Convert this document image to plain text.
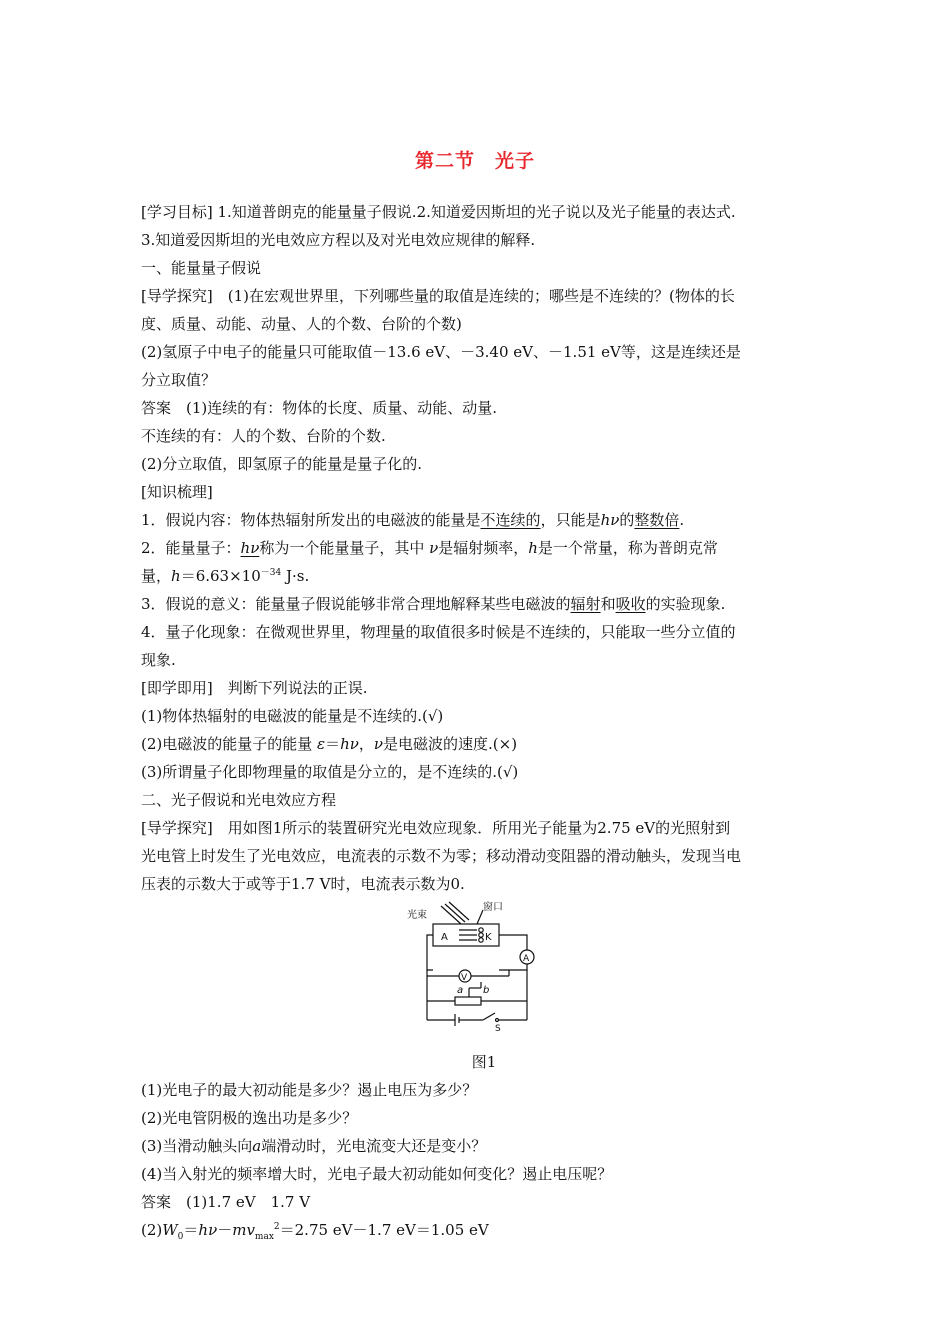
第二节　光子
[学习目标] 1.知道普朗克的能量量子假说.2.知道爱因斯坦的光子说以及光子能量的表达式.
3.知道爱因斯坦的光电效应方程以及对光电效应规律的解释.
一、能量量子假说
[导学探究]　(1)在宏观世界里，下列哪些量的取值是连续的；哪些是不连续的？(物体的长
度、质量、动能、动量、人的个数、台阶的个数)
(2)氢原子中电子的能量只可能取值－13.6 eV、－3.40 eV、－1.51 eV等，这是连续还是
分立取值？
答案　(1)连续的有：物体的长度、质量、动能、动量.
不连续的有：人的个数、台阶的个数.
(2)分立取值，即氢原子的能量是量子化的.
[知识梳理]
1．假说内容：物体热辐射所发出的电磁波的能量是不连续的，只能是hν的整数倍.
2．能量量子：hν称为一个能量量子，其中 ν是辐射频率，h是一个常量，称为普朗克常
量，$h=6.63\times 10^{-34}$ J·s.
3．假说的意义：能量量子假说能够非常合理地解释某些电磁波的辐射和吸收的实验现象.
4．量子化现象：在微观世界里，物理量的取值很多时候是不连续的，只能取一些分立值的
现象.
[即学即用]　判断下列说法的正误.
(1)物体热辐射的电磁波的能量是不连续的.(√)
(2)电磁波的能量子的能量 ε＝hν，ν是电磁波的速度.(×)
(3)所谓量子化即物理量的取值是分立的，是不连续的.(√)
二、光子假说和光电效应方程
[导学探究]　用如图1所示的装置研究光电效应现象．所用光子能量为2.75 eV的光照射到
光电管上时发生了光电效应，电流表的示数不为零；移动滑动变阻器的滑动触头，发现当电
压表的示数大于或等于1.7 V时，电流表示数为0.
光束
窗口
A	K
A
V
a b
S
图1
(1)光电子的最大初动能是多少？遏止电压为多少？
(2)光电管阴极的逸出功是多少？
(3)当滑动触头向a端滑动时，光电流变大还是变小？
(4)当入射光的频率增大时，光电子最大初动能如何变化？遏止电压呢？
答案　(1)1.7 eV　1.7 V
$(2)W_0=h\nu-mv_{max}^2=2.75$ eV－1.7 eV＝1.05 eV
